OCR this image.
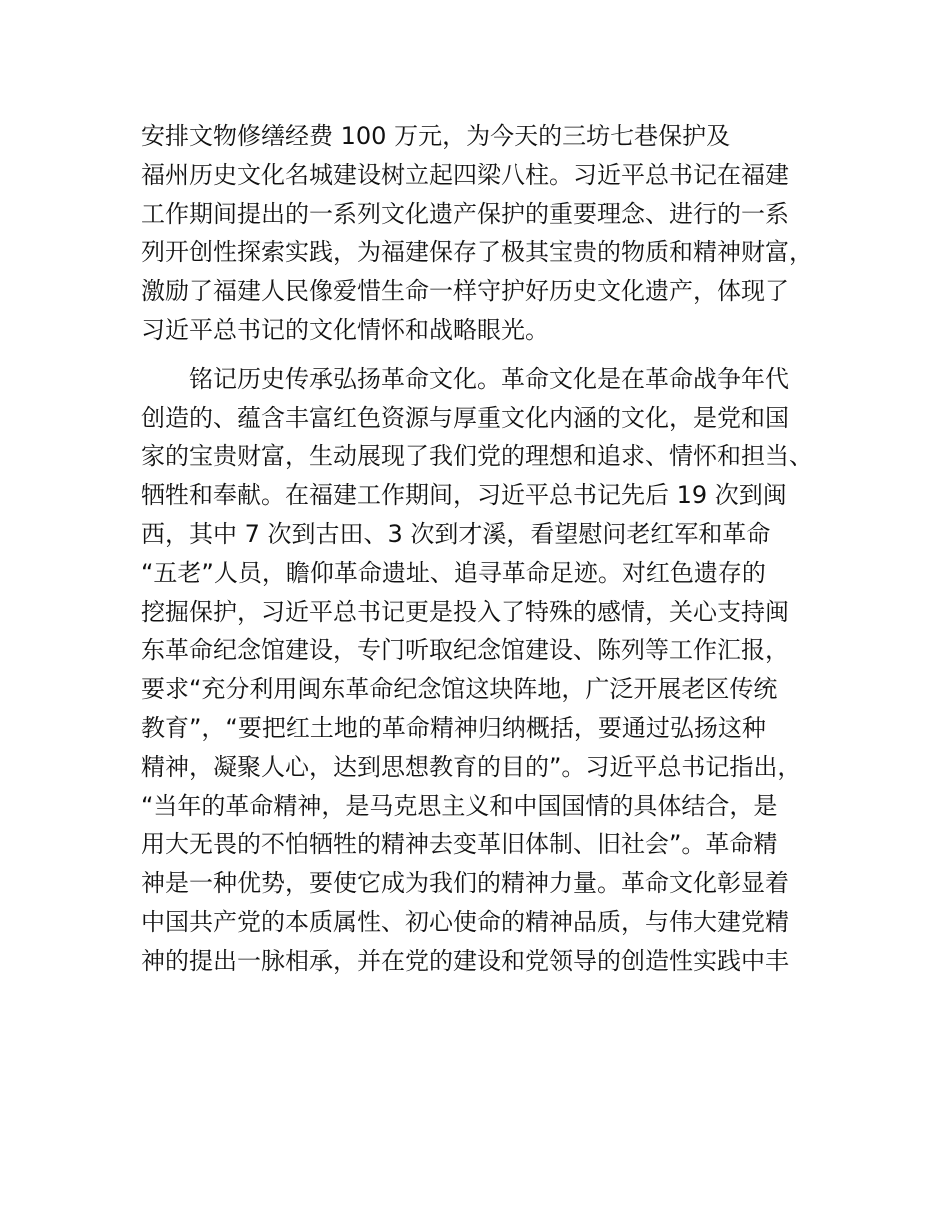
安排文物修缮经费 100 万元，为今天的三坊七巷保护及
福州历史文化名城建设树立起四梁八柱。习近平总书记在福建
工作期间提出的一系列文化遗产保护的重要理念、进行的一系
列开创性探索实践，为福建保存了极其宝贵的物质和精神财富，
激励了福建人民像爱惜生命一样守护好历史文化遗产，体现了
习近平总书记的文化情怀和战略眼光。
铭记历史传承弘扬革命文化。革命文化是在革命战争年代
创造的、蕴含丰富红色资源与厚重文化内涵的文化，是党和国
家的宝贵财富，生动展现了我们党的理想和追求、情怀和担当、
牺牲和奉献。在福建工作期间，习近平总书记先后 19 次到闽
西，其中 7 次到古田、3 次到才溪，看望慰问老红军和革命
“五老”人员，瞻仰革命遗址、追寻革命足迹。对红色遗存的
挖掘保护，习近平总书记更是投入了特殊的感情，关心支持闽
东革命纪念馆建设，专门听取纪念馆建设、陈列等工作汇报，
要求“充分利用闽东革命纪念馆这块阵地，广泛开展老区传统
教育”，“要把红土地的革命精神归纳概括，要通过弘扬这种
精神，凝聚人心，达到思想教育的目的”。习近平总书记指出，
“当年的革命精神，是马克思主义和中国国情的具体结合，是
用大无畏的不怕牺牲的精神去变革旧体制、旧社会”。革命精
神是一种优势，要使它成为我们的精神力量。革命文化彰显着
中国共产党的本质属性、初心使命的精神品质，与伟大建党精
神的提出一脉相承，并在党的建设和党领导的创造性实践中丰
